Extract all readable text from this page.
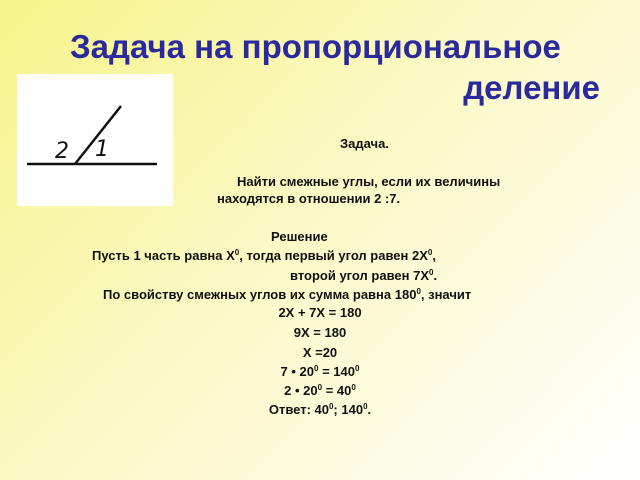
Задача на пропорциональное
деление
2 1	Задача.
Найти смежные углы, если их величины
находятся в отношении 2 :7.
Решение
Пусть 1 часть равна $Х^0$, тогда первый угол равен $2Х^0$,
второй угол равен $7Х^0$.
По свойству смежных углов их сумма равна $180^0$, значит
2Х + 7Х = 180
9Х = 180
Х =20
7 • $20^0 = 140^0$
2 • $20^0 = 40^0$
Ответ: $40^0$; $140^0$.
